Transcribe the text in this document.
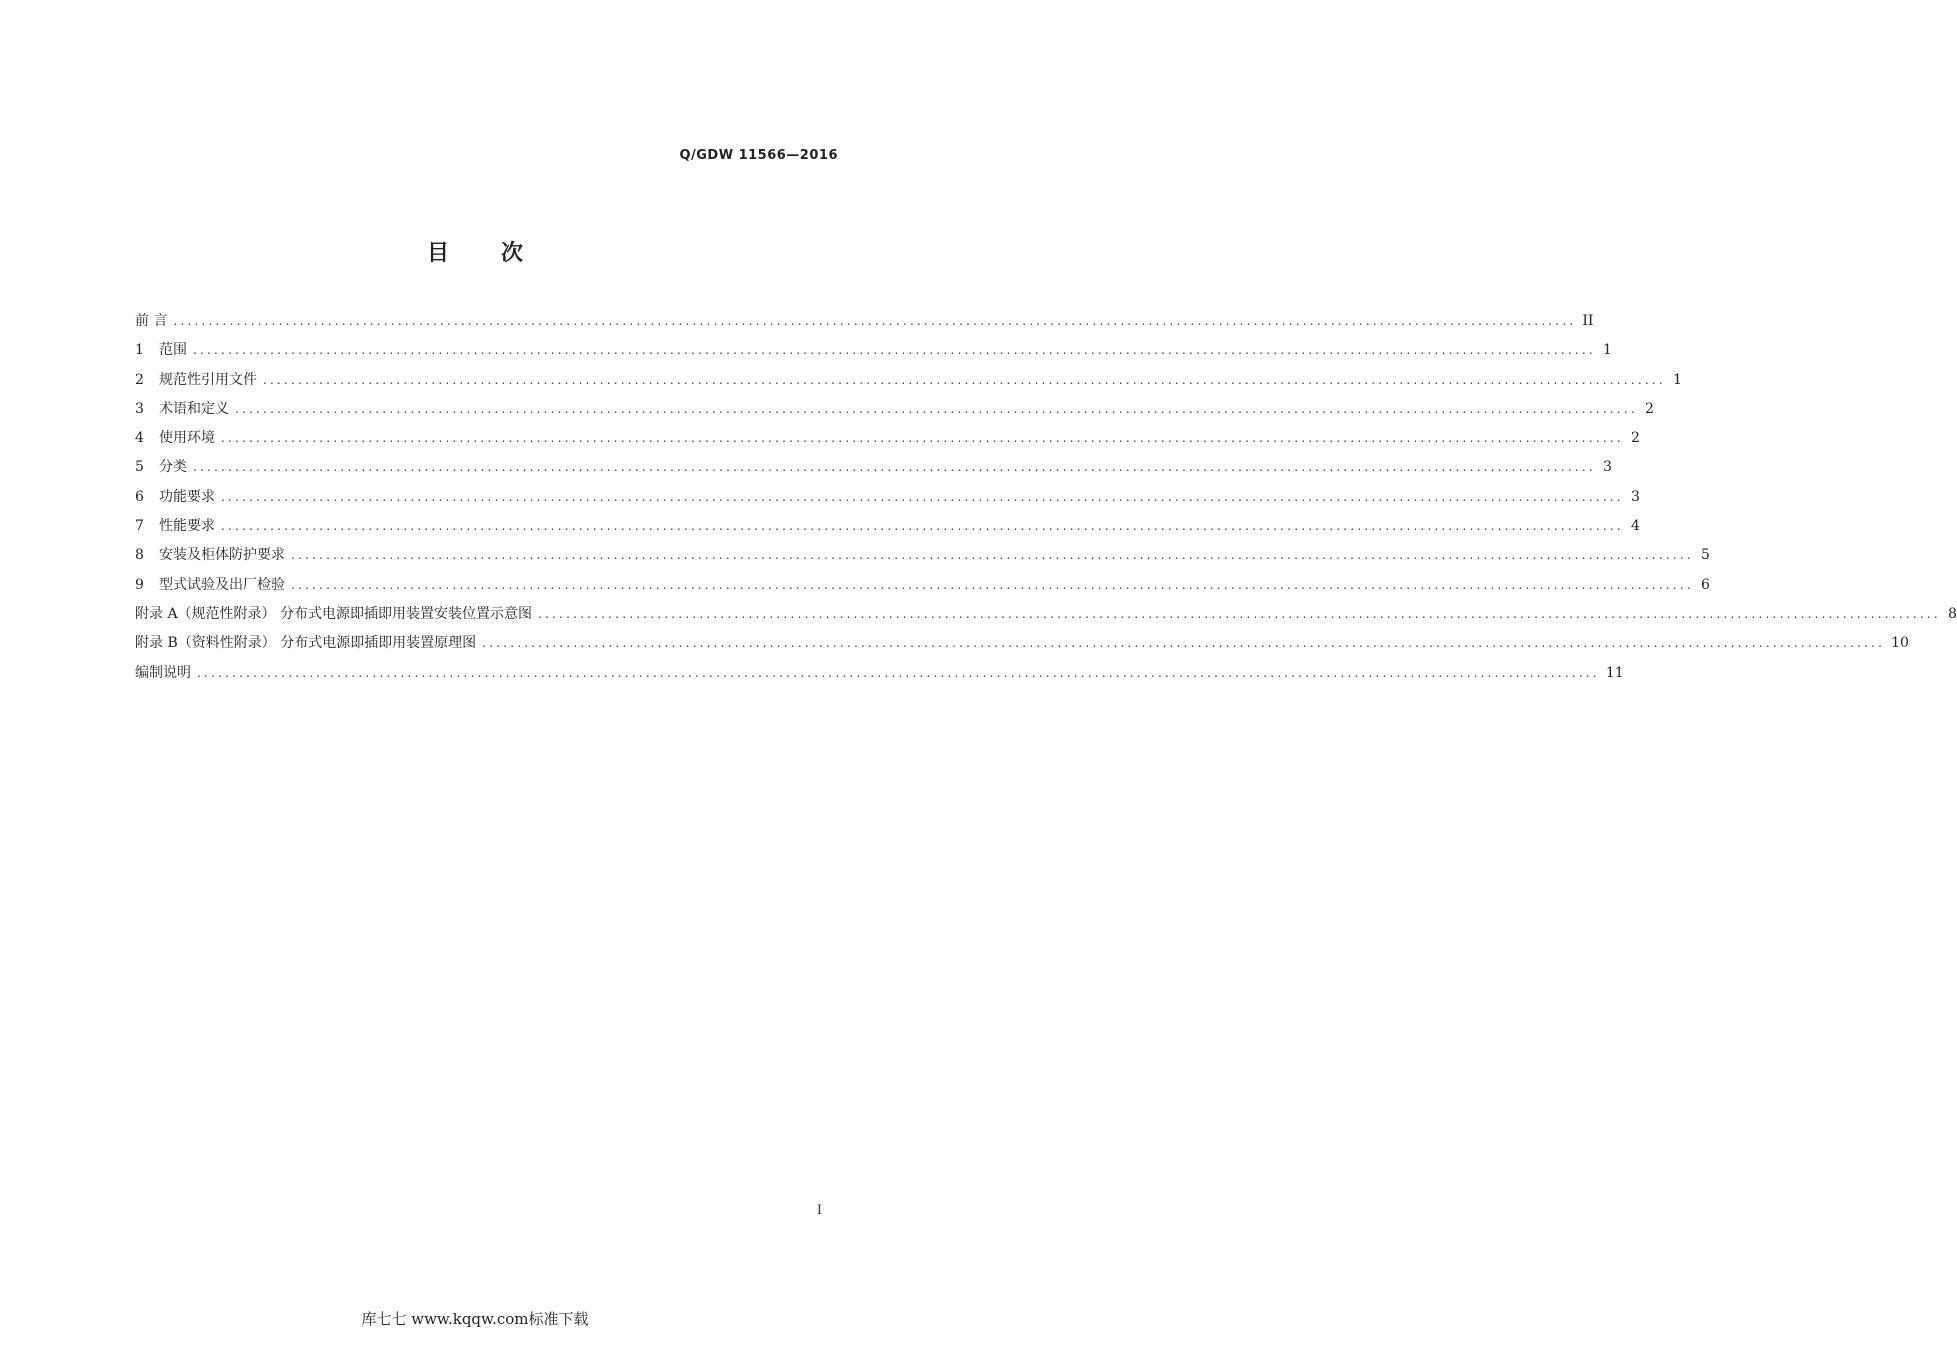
Q/GDW 11566—2016
目 次
前 言 ........................................................................................................................................................................................................ II
1	范围 ........................................................................................................................................................................................................ 1
2	规范性引用文件 ........................................................................................................................................................................................................ 1
3	术语和定义 ........................................................................................................................................................................................................ 2
4	使用环境 ........................................................................................................................................................................................................ 2
5	分类 ........................................................................................................................................................................................................ 3
6	功能要求 ........................................................................................................................................................................................................ 3
7	性能要求 ........................................................................................................................................................................................................ 4
8	安装及柜体防护要求 ........................................................................................................................................................................................................ 5
9	型式试验及出厂检验 ........................................................................................................................................................................................................ 6
附录 A（规范性附录） 分布式电源即插即用装置安装位置示意图 ........................................................................................................................................................................................................ 8
附录 B（资料性附录） 分布式电源即插即用装置原理图 ........................................................................................................................................................................................................ 10
编制说明 ........................................................................................................................................................................................................ 11
I
库七七 www.kqqw.com标准下载
